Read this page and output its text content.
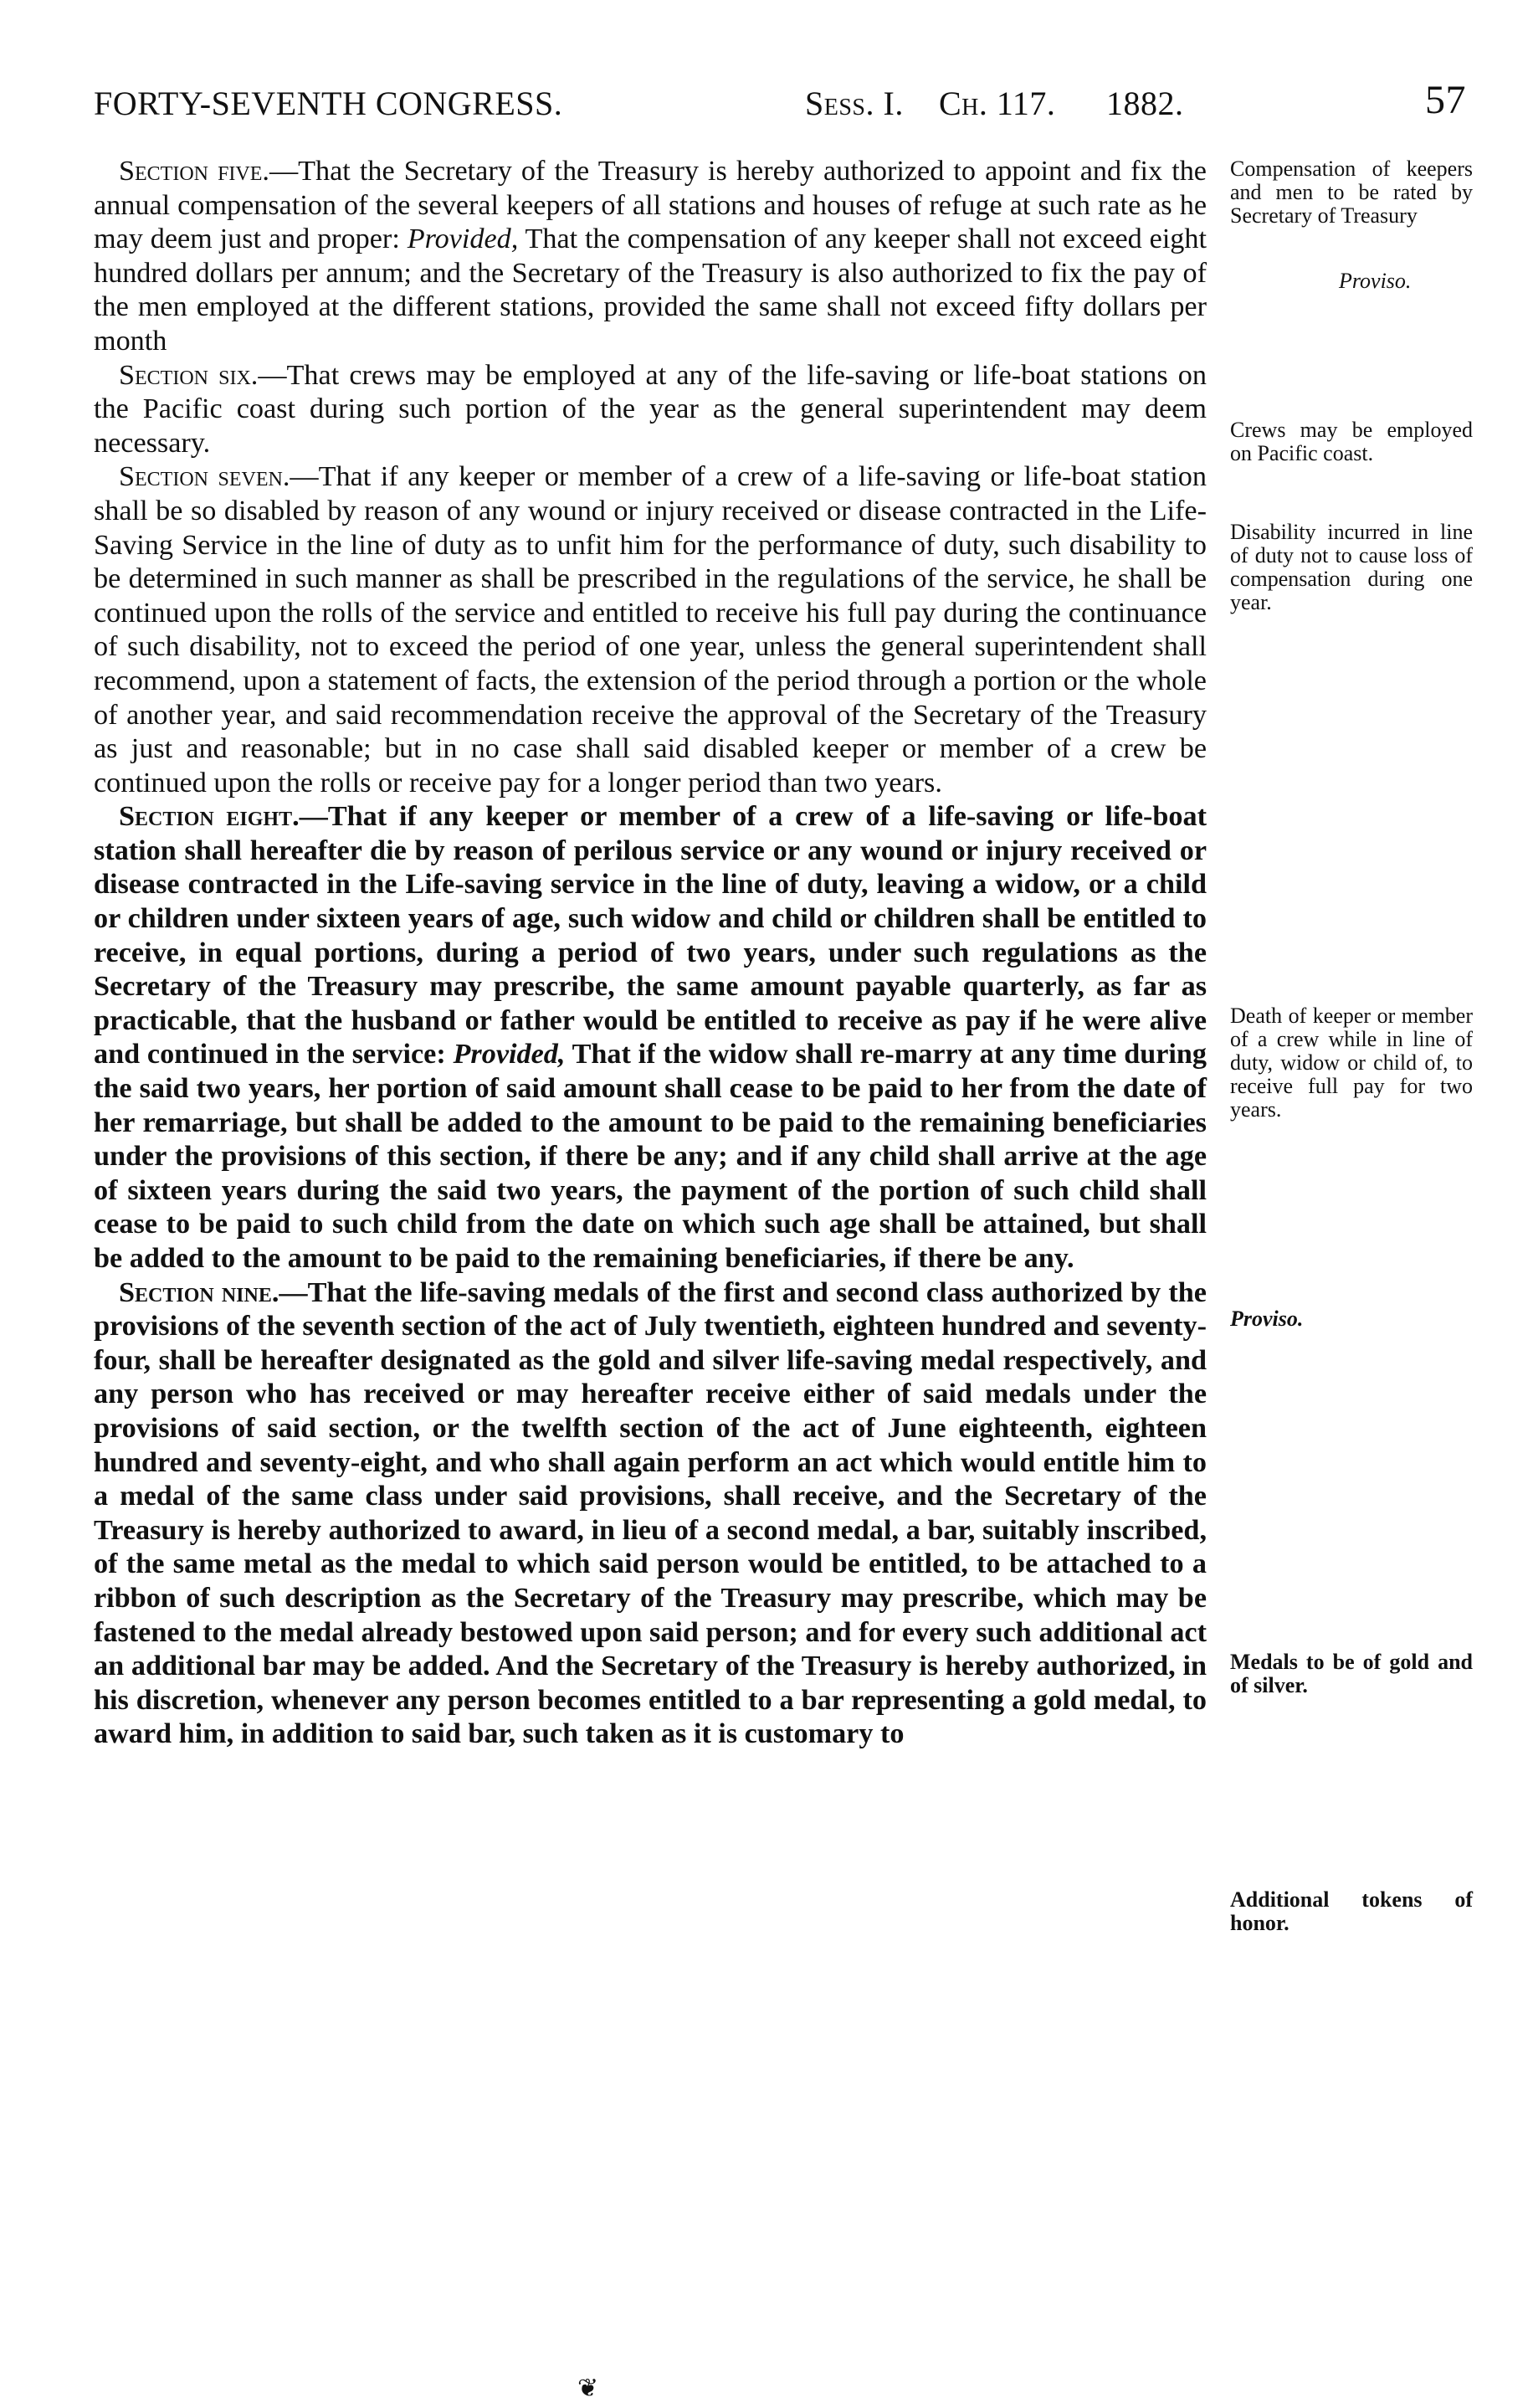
FORTY-SEVENTH CONGRESS.	Sess. I. Ch. 117. 1882.	57

Section five.—That the Secretary of the Treasury is hereby authorized to appoint and fix the annual compensation of the several keepers of all stations and houses of refuge at such rate as he may deem just and proper: Provided, That the compensation of any keeper shall not exceed eight hundred dollars per annum; and the Secretary of the Treasury is also authorized to fix the pay of the men employed at the different stations, provided the same shall not exceed fifty dollars per month

Section six.—That crews may be employed at any of the life-saving or life-boat stations on the Pacific coast during such portion of the year as the general superintendent may deem necessary.

Section seven.—That if any keeper or member of a crew of a life-saving or life-boat station shall be so disabled by reason of any wound or injury received or disease contracted in the Life-Saving Service in the line of duty as to unfit him for the performance of duty, such disability to be determined in such manner as shall be prescribed in the regulations of the service, he shall be continued upon the rolls of the service and entitled to receive his full pay during the continuance of such disability, not to exceed the period of one year, unless the general superintendent shall recommend, upon a statement of facts, the extension of the period through a portion or the whole of another year, and said recommendation receive the approval of the Secretary of the Treasury as just and reasonable; but in no case shall said disabled keeper or member of a crew be continued upon the rolls or receive pay for a longer period than two years.

Section eight.—That if any keeper or member of a crew of a life-saving or life-boat station shall hereafter die by reason of perilous service or any wound or injury received or disease contracted in the Life-saving service in the line of duty, leaving a widow, or a child or children under sixteen years of age, such widow and child or children shall be entitled to receive, in equal portions, during a period of two years, under such regulations as the Secretary of the Treasury may prescribe, the same amount payable quarterly, as far as practicable, that the husband or father would be entitled to receive as pay if he were alive and continued in the service: Provided, That if the widow shall re-marry at any time during the said two years, her portion of said amount shall cease to be paid to her from the date of her remarriage, but shall be added to the amount to be paid to the remaining beneficiaries under the provisions of this section, if there be any; and if any child shall arrive at the age of sixteen years during the said two years, the payment of the portion of such child shall cease to be paid to such child from the date on which such age shall be attained, but shall be added to the amount to be paid to the remaining beneficiaries, if there be any.

Section nine.—That the life-saving medals of the first and second class authorized by the provisions of the seventh section of the act of July twentieth, eighteen hundred and seventy-four, shall be hereafter designated as the gold and silver life-saving medal respectively, and any person who has received or may hereafter receive either of said medals under the provisions of said section, or the twelfth section of the act of June eighteenth, eighteen hundred and seventy-eight, and who shall again perform an act which would entitle him to a medal of the same class under said provisions, shall receive, and the Secretary of the Treasury is hereby authorized to award, in lieu of a second medal, a bar, suitably inscribed, of the same metal as the medal to which said person would be entitled, to be attached to a ribbon of such description as the Secretary of the Treasury may prescribe, which may be fastened to the medal already bestowed upon said person; and for every such additional act an additional bar may be added. And the Secretary of the Treasury is hereby authorized, in his discretion, whenever any person becomes entitled to a bar representing a gold medal, to award him, in addition to said bar, such taken as it is customary to

Compensation of keepers and men to be rated by Secretary of Treasury
Proviso.
Crews may be employed on Pacific coast.
Disability incurred in line of duty not to cause loss of compensation during one year.
Death of keeper or member of a crew while in line of duty, widow or child of, to receive full pay for two years.
Proviso.
Medals to be of gold and of silver.
Additional tokens of honor.
❦
